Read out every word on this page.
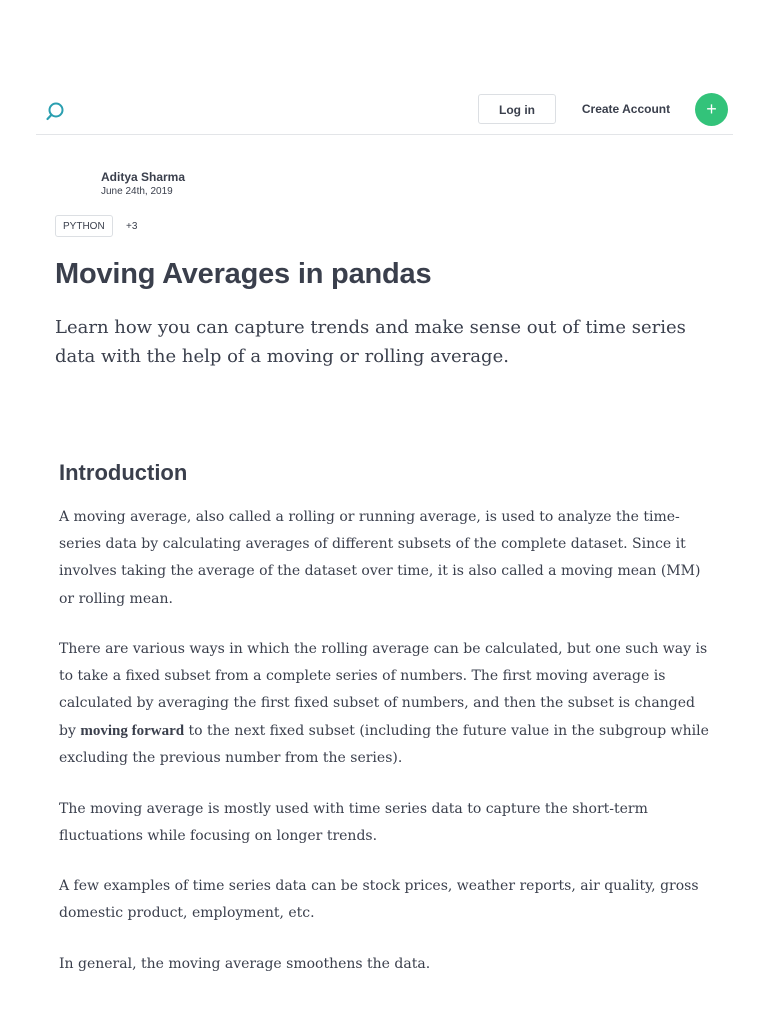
Log in	Create Account	+
Aditya Sharma
June 24th, 2019
PYTHON	+3
Moving Averages in pandas

Learn how you can capture trends and make sense out of time series data with the help of a moving or rolling average.

Introduction

A moving average, also called a rolling or running average, is used to analyze the time-series data by calculating averages of different subsets of the complete dataset. Since it involves taking the average of the dataset over time, it is also called a moving mean (MM) or rolling mean.

There are various ways in which the rolling average can be calculated, but one such way is to take a fixed subset from a complete series of numbers. The first moving average is calculated by averaging the first fixed subset of numbers, and then the subset is changed by moving forward to the next fixed subset (including the future value in the subgroup while excluding the previous number from the series).

The moving average is mostly used with time series data to capture the short-term fluctuations while focusing on longer trends.

A few examples of time series data can be stock prices, weather reports, air quality, gross domestic product, employment, etc.

In general, the moving average smoothens the data.
